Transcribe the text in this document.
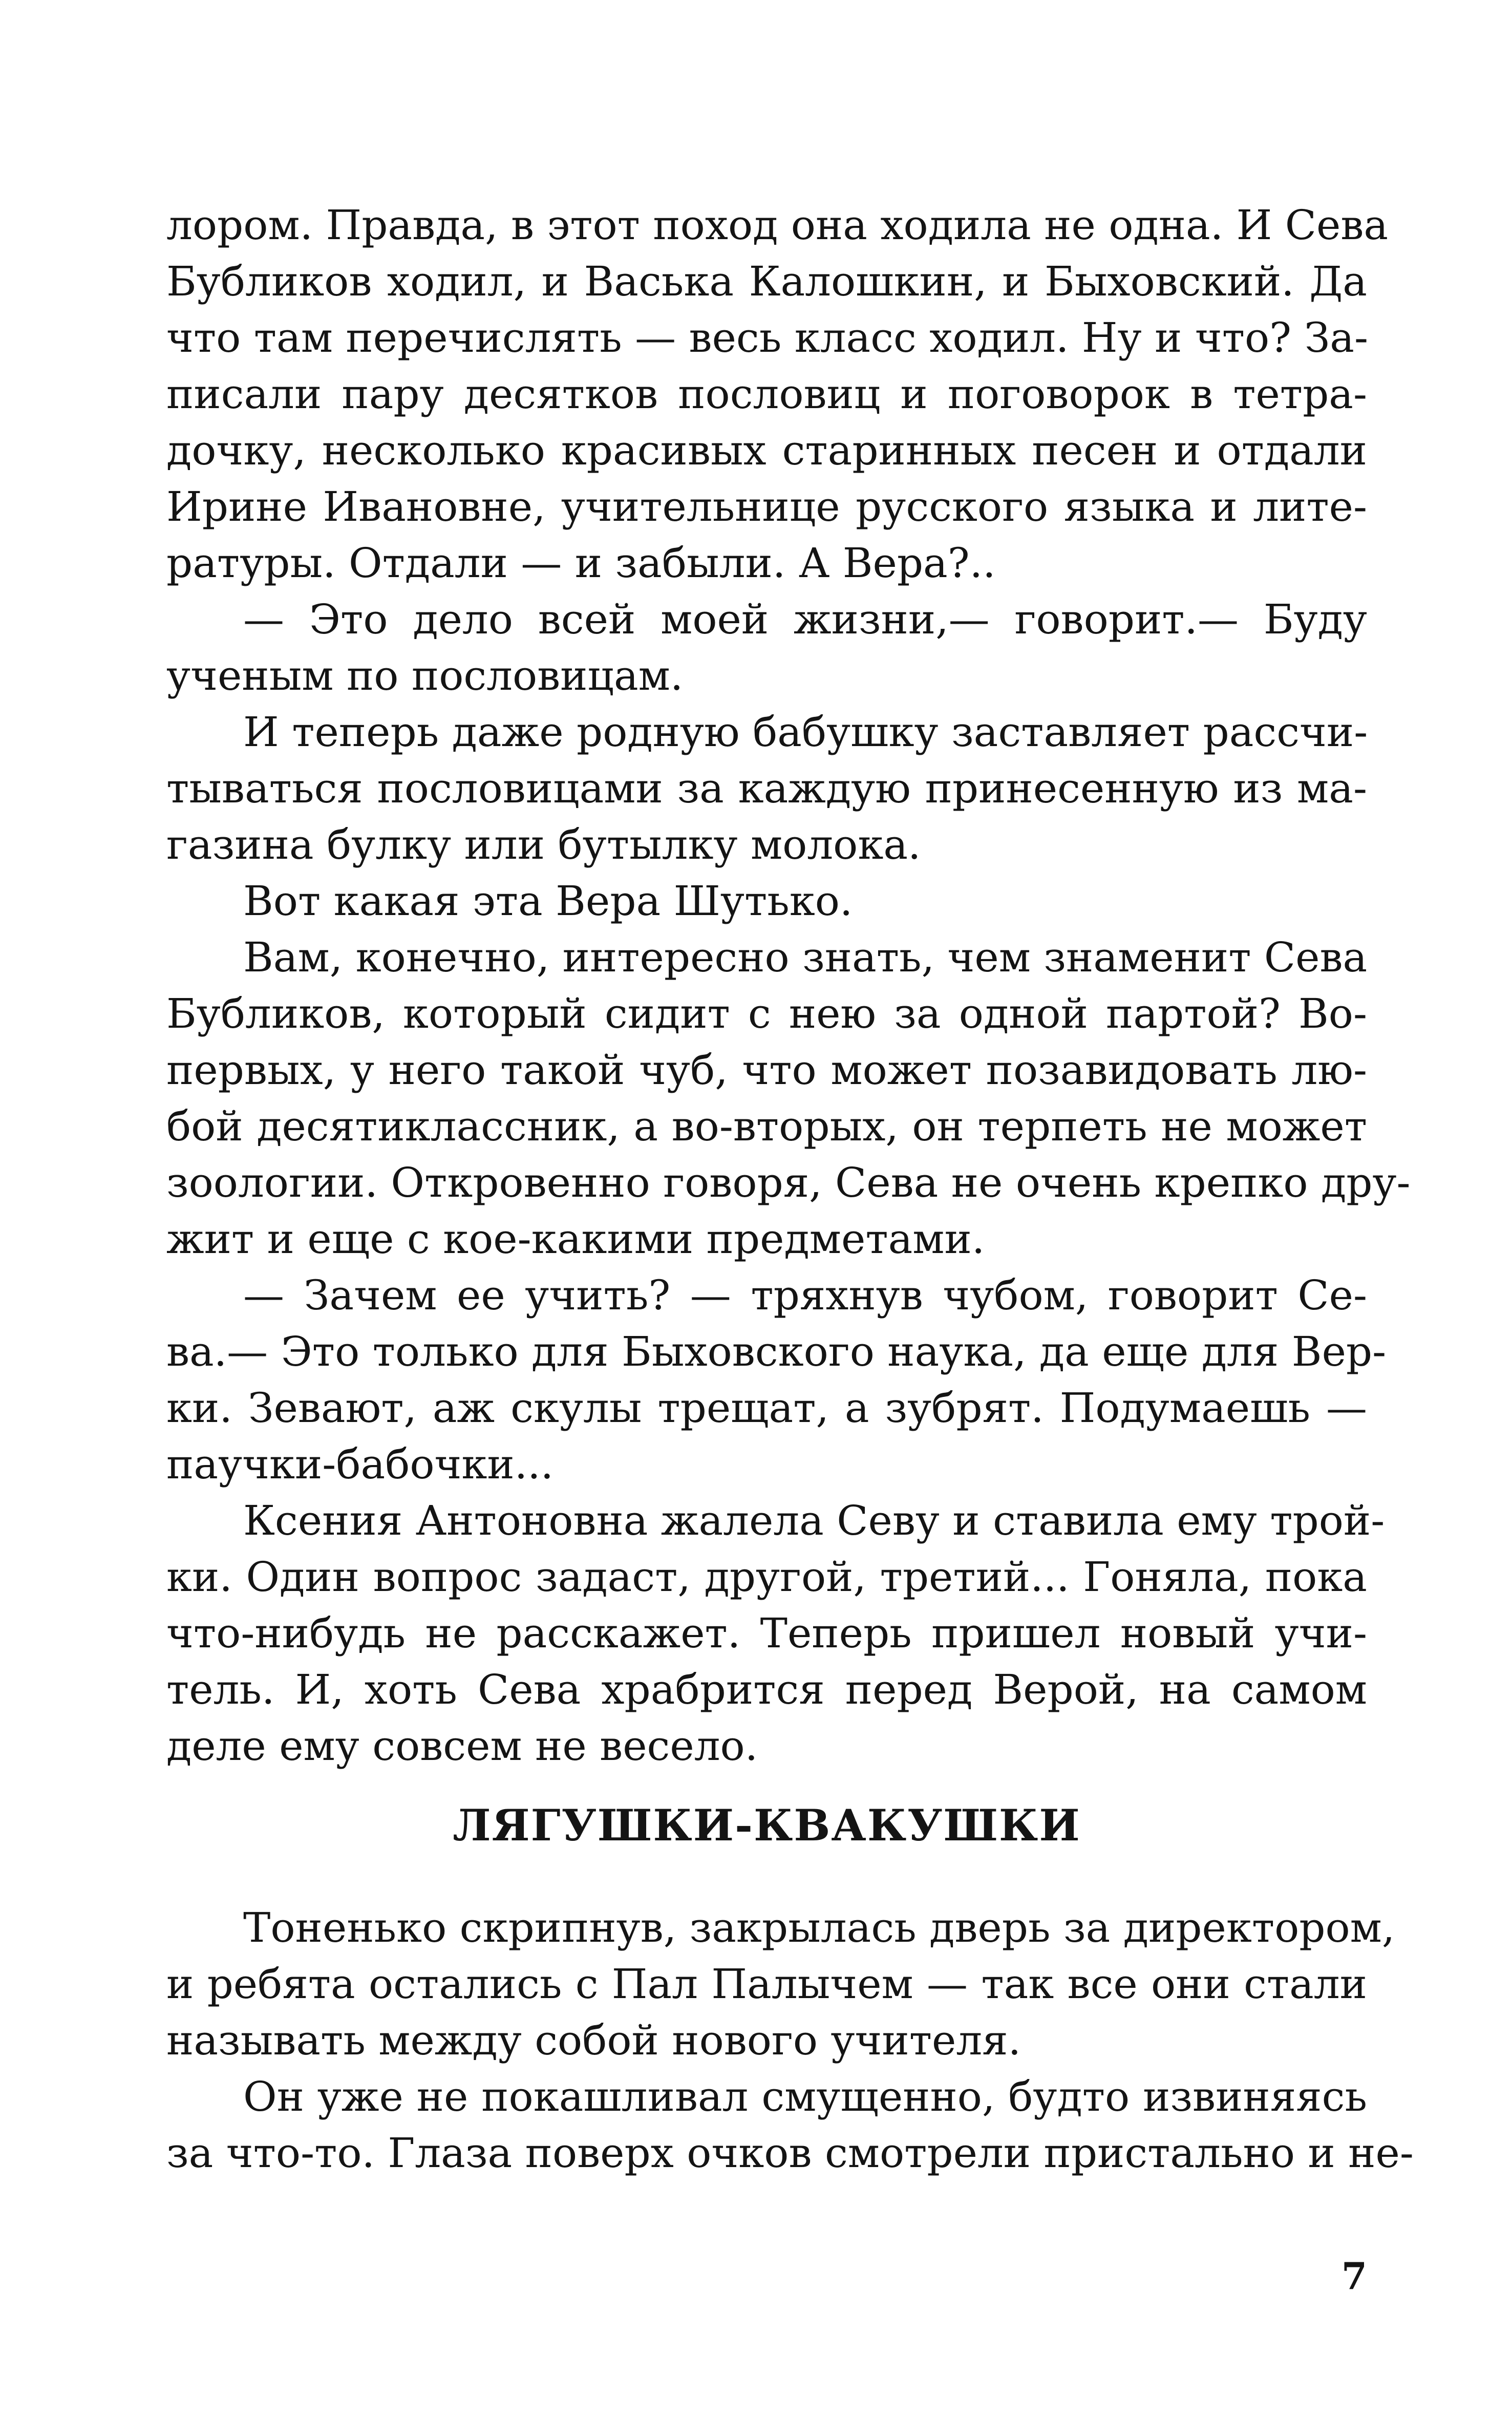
лором. Правда, в этот поход она ходила не одна. И Сева
Бубликов ходил, и Васька Калошкин, и Быховский. Да
что там перечислять — весь класс ходил. Ну и что? За-
писали пару десятков пословиц и поговорок в тетра-
дочку, несколько красивых старинных песен и отдали
Ирине Ивановне, учительнице русского языка и лите-
ратуры. Отдали — и забыли. А Вера?..
— Это дело всей моей жизни,— говорит.— Буду
ученым по пословицам.
И теперь даже родную бабушку заставляет рассчи-
тываться пословицами за каждую принесенную из ма-
газина булку или бутылку молока.
Вот какая эта Вера Шутько.
Вам, конечно, интересно знать, чем знаменит Сева
Бубликов, который сидит с нею за одной партой? Во-
первых, у него такой чуб, что может позавидовать лю-
бой десятиклассник, а во-вторых, он терпеть не может
зоологии. Откровенно говоря, Сева не очень крепко дру-
жит и еще с кое-какими предметами.
— Зачем ее учить? — тряхнув чубом, говорит Се-
ва.— Это только для Быховского наука, да еще для Вер-
ки. Зевают, аж скулы трещат, а зубрят. Подумаешь —
паучки-бабочки...
Ксения Антоновна жалела Севу и ставила ему трой-
ки. Один вопрос задаст, другой, третий... Гоняла, пока
что-нибудь не расскажет. Теперь пришел новый учи-
тель. И, хоть Сева храбрится перед Верой, на самом
деле ему совсем не весело.
ЛЯГУШКИ-КВАКУШКИ
Тоненько скрипнув, закрылась дверь за директором,
и ребята остались с Пал Палычем — так все они стали
называть между собой нового учителя.
Он уже не покашливал смущенно, будто извиняясь
за что-то. Глаза поверх очков смотрели пристально и не-
7
